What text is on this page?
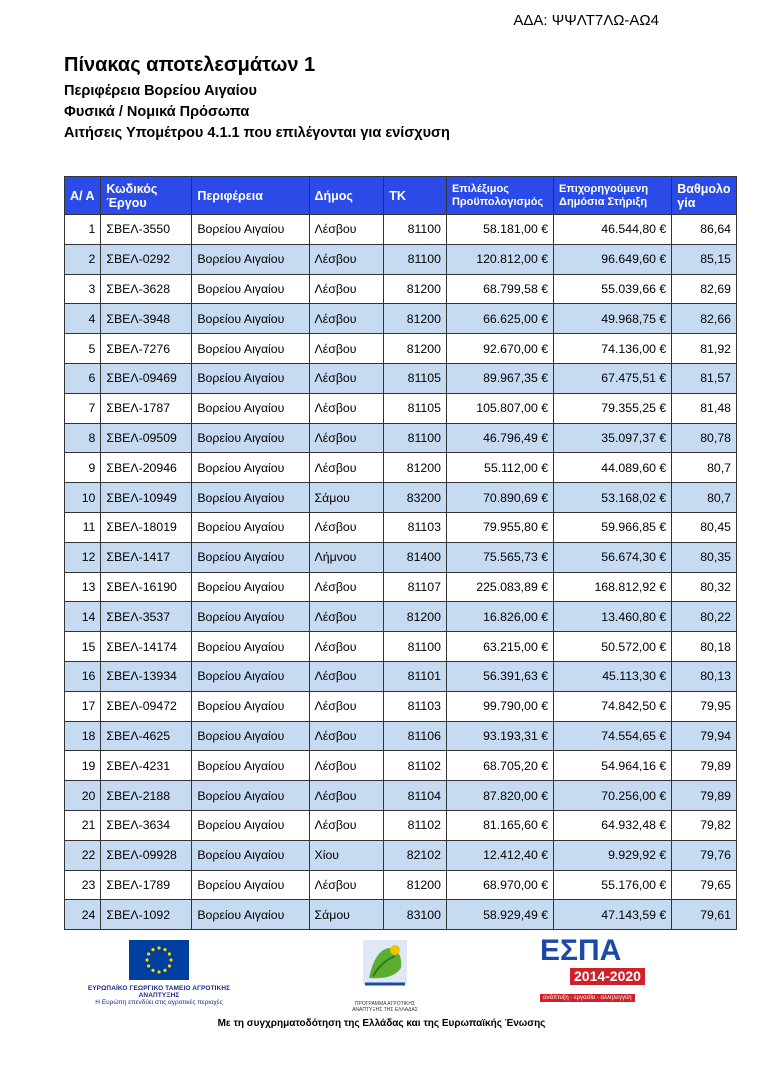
ΑΔΑ: ΨΨΛΤ7ΛΩ-ΑΩ4
Πίνακας αποτελεσμάτων 1
Περιφέρεια Βορείου Αιγαίου
Φυσικά / Νομικά Πρόσωπα
Αιτήσεις Υπομέτρου 4.1.1 που επιλέγονται για ενίσχυση
Α/ Α	Κωδικός Έργου	Περιφέρεια	Δήμος	ΤΚ	Επιλέξιμος Προϋπολογισμός	Επιχορηγούμενη Δημόσια Στήριξη	Βαθμολο γία
1	ΣΒΕΛ-3550	Βορείου Αιγαίου	Λέσβου	81100	58.181,00 €	46.544,80 €	86,64
2	ΣΒΕΛ-0292	Βορείου Αιγαίου	Λέσβου	81100	120.812,00 €	96.649,60 €	85,15
3	ΣΒΕΛ-3628	Βορείου Αιγαίου	Λέσβου	81200	68.799,58 €	55.039,66 €	82,69
4	ΣΒΕΛ-3948	Βορείου Αιγαίου	Λέσβου	81200	66.625,00 €	49.968,75 €	82,66
5	ΣΒΕΛ-7276	Βορείου Αιγαίου	Λέσβου	81200	92.670,00 €	74.136,00 €	81,92
6	ΣΒΕΛ-09469	Βορείου Αιγαίου	Λέσβου	81105	89.967,35 €	67.475,51 €	81,57
7	ΣΒΕΛ-1787	Βορείου Αιγαίου	Λέσβου	81105	105.807,00 €	79.355,25 €	81,48
8	ΣΒΕΛ-09509	Βορείου Αιγαίου	Λέσβου	81100	46.796,49 €	35.097,37 €	80,78
9	ΣΒΕΛ-20946	Βορείου Αιγαίου	Λέσβου	81200	55.112,00 €	44.089,60 €	80,7
10	ΣΒΕΛ-10949	Βορείου Αιγαίου	Σάμου	83200	70.890,69 €	53.168,02 €	80,7
11	ΣΒΕΛ-18019	Βορείου Αιγαίου	Λέσβου	81103	79.955,80 €	59.966,85 €	80,45
12	ΣΒΕΛ-1417	Βορείου Αιγαίου	Λήμνου	81400	75.565,73 €	56.674,30 €	80,35
13	ΣΒΕΛ-16190	Βορείου Αιγαίου	Λέσβου	81107	225.083,89 €	168.812,92 €	80,32
14	ΣΒΕΛ-3537	Βορείου Αιγαίου	Λέσβου	81200	16.826,00 €	13.460,80 €	80,22
15	ΣΒΕΛ-14174	Βορείου Αιγαίου	Λέσβου	81100	63.215,00 €	50.572,00 €	80,18
16	ΣΒΕΛ-13934	Βορείου Αιγαίου	Λέσβου	81101	56.391,63 €	45.113,30 €	80,13
17	ΣΒΕΛ-09472	Βορείου Αιγαίου	Λέσβου	81103	99.790,00 €	74.842,50 €	79,95
18	ΣΒΕΛ-4625	Βορείου Αιγαίου	Λέσβου	81106	93.193,31 €	74.554,65 €	79,94
19	ΣΒΕΛ-4231	Βορείου Αιγαίου	Λέσβου	81102	68.705,20 €	54.964,16 €	79,89
20	ΣΒΕΛ-2188	Βορείου Αιγαίου	Λέσβου	81104	87.820,00 €	70.256,00 €	79,89
21	ΣΒΕΛ-3634	Βορείου Αιγαίου	Λέσβου	81102	81.165,60 €	64.932,48 €	79,82
22	ΣΒΕΛ-09928	Βορείου Αιγαίου	Χίου	82102	12.412,40 €	9.929,92 €	79,76
23	ΣΒΕΛ-1789	Βορείου Αιγαίου	Λέσβου	81200	68.970,00 €	55.176,00 €	79,65
24	ΣΒΕΛ-1092	Βορείου Αιγαίου	Σάμου	83100	58.929,49 €	47.143,59 €	79,61
ΕΥΡΩΠΑΪΚΟ ΓΕΩΡΓΙΚΟ ΤΑΜΕΙΟ ΑΓΡΟΤΙΚΗΣ ΑΝΑΠΤΥΞΗΣ
Η Ευρώπη επενδύει στις αγροτικές περιοχές	ΠΡΟΓΡΑΜΜΑ ΑΓΡΟΤΙΚΗΣ ΑΝΑΠΤΥΞΗΣ ΤΗΣ ΕΛΛΑΔΑΣ
ΕΣΠΑ
2014-2020 ανάπτυξη - εργασία - αλληλεγγύη
Με τη συγχρηματοδότηση της Ελλάδας και της Ευρωπαϊκής Ένωσης
